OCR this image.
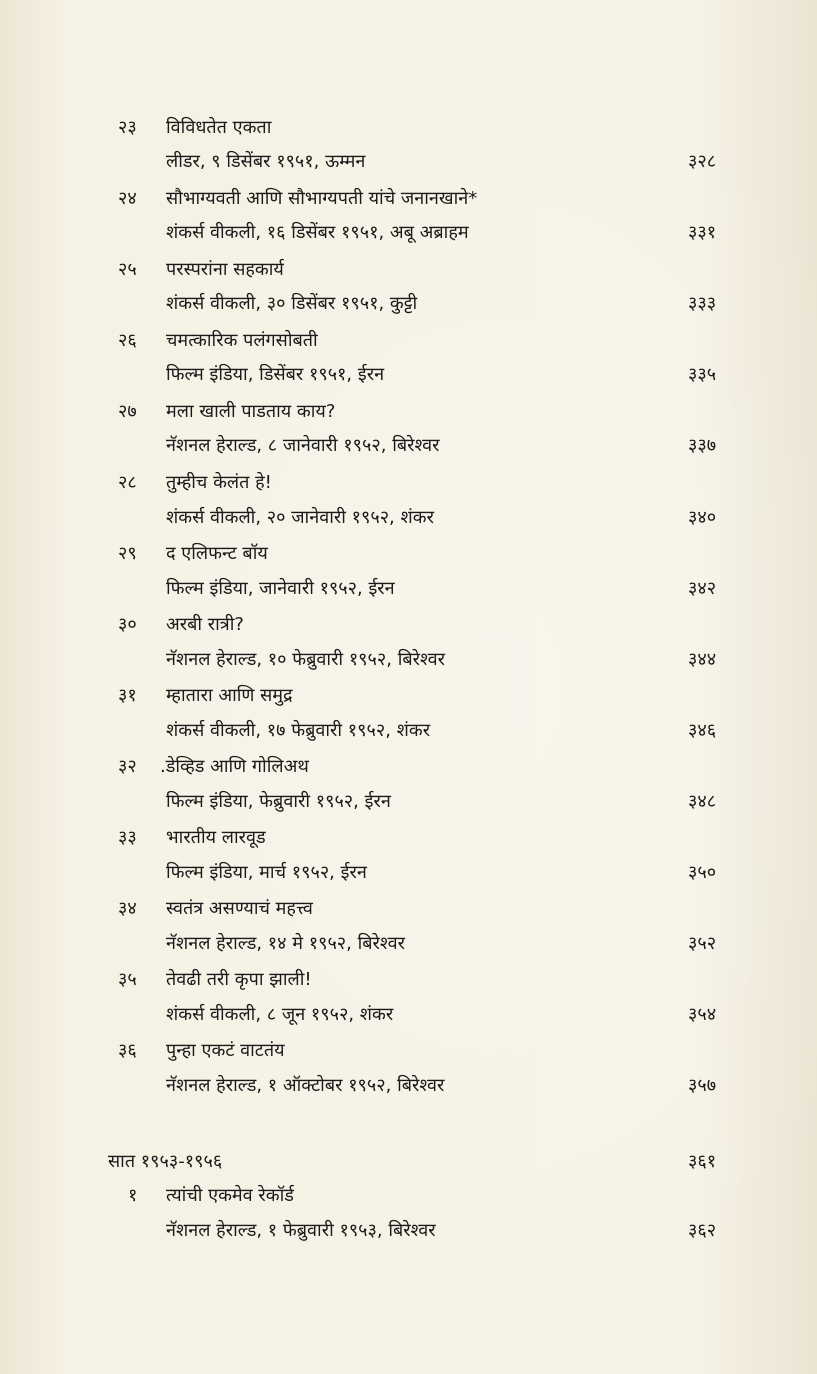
२३ विविधतेत एकता
लीडर, ९ डिसेंबर १९५१, ऊम्मन	३२८
२४ सौभाग्यवती आणि सौभाग्यपती यांचे जनानखाने*
शंकर्स वीकली, १६ डिसेंबर १९५१, अबू अब्राहम	३३१
२५ परस्परांना सहकार्य
शंकर्स वीकली, ३० डिसेंबर १९५१, कुट्टी	३३३
२६ चमत्कारिक पलंगसोबती
फिल्म इंडिया, डिसेंबर १९५१, ईरन	३३५
२७ मला खाली पाडताय काय?
नॅशनल हेराल्ड, ८ जानेवारी १९५२, बिरेश्वर	३३७
२८ तुम्हीच केलंत हे!
शंकर्स वीकली, २० जानेवारी १९५२, शंकर	३४०
२९ द एलिफन्ट बॉय
फिल्म इंडिया, जानेवारी १९५२, ईरन	३४२
३० अरबी रात्री?
नॅशनल हेराल्ड, १० फेब्रुवारी १९५२, बिरेश्वर	३४४
३१ म्हातारा आणि समुद्र
शंकर्स वीकली, १७ फेब्रुवारी १९५२, शंकर	३४६
३२ .डेव्हिड आणि गोलिअथ
फिल्म इंडिया, फेब्रुवारी १९५२, ईरन	३४८
३३ भारतीय लारवूड
फिल्म इंडिया, मार्च १९५२, ईरन	३५०
३४ स्वतंत्र असण्याचं महत्त्व
नॅशनल हेराल्ड, १४ मे १९५२, बिरेश्वर	३५२
३५ तेवढी तरी कृपा झाली!
शंकर्स वीकली, ८ जून १९५२, शंकर	३५४
३६ पुन्हा एकटं वाटतंय
नॅशनल हेराल्ड, १ ऑक्टोबर १९५२, बिरेश्वर	३५७
सात १९५३-१९५६	३६१
१ त्यांची एकमेव रेकॉर्ड
नॅशनल हेराल्ड, १ फेब्रुवारी १९५३, बिरेश्वर	३६२
